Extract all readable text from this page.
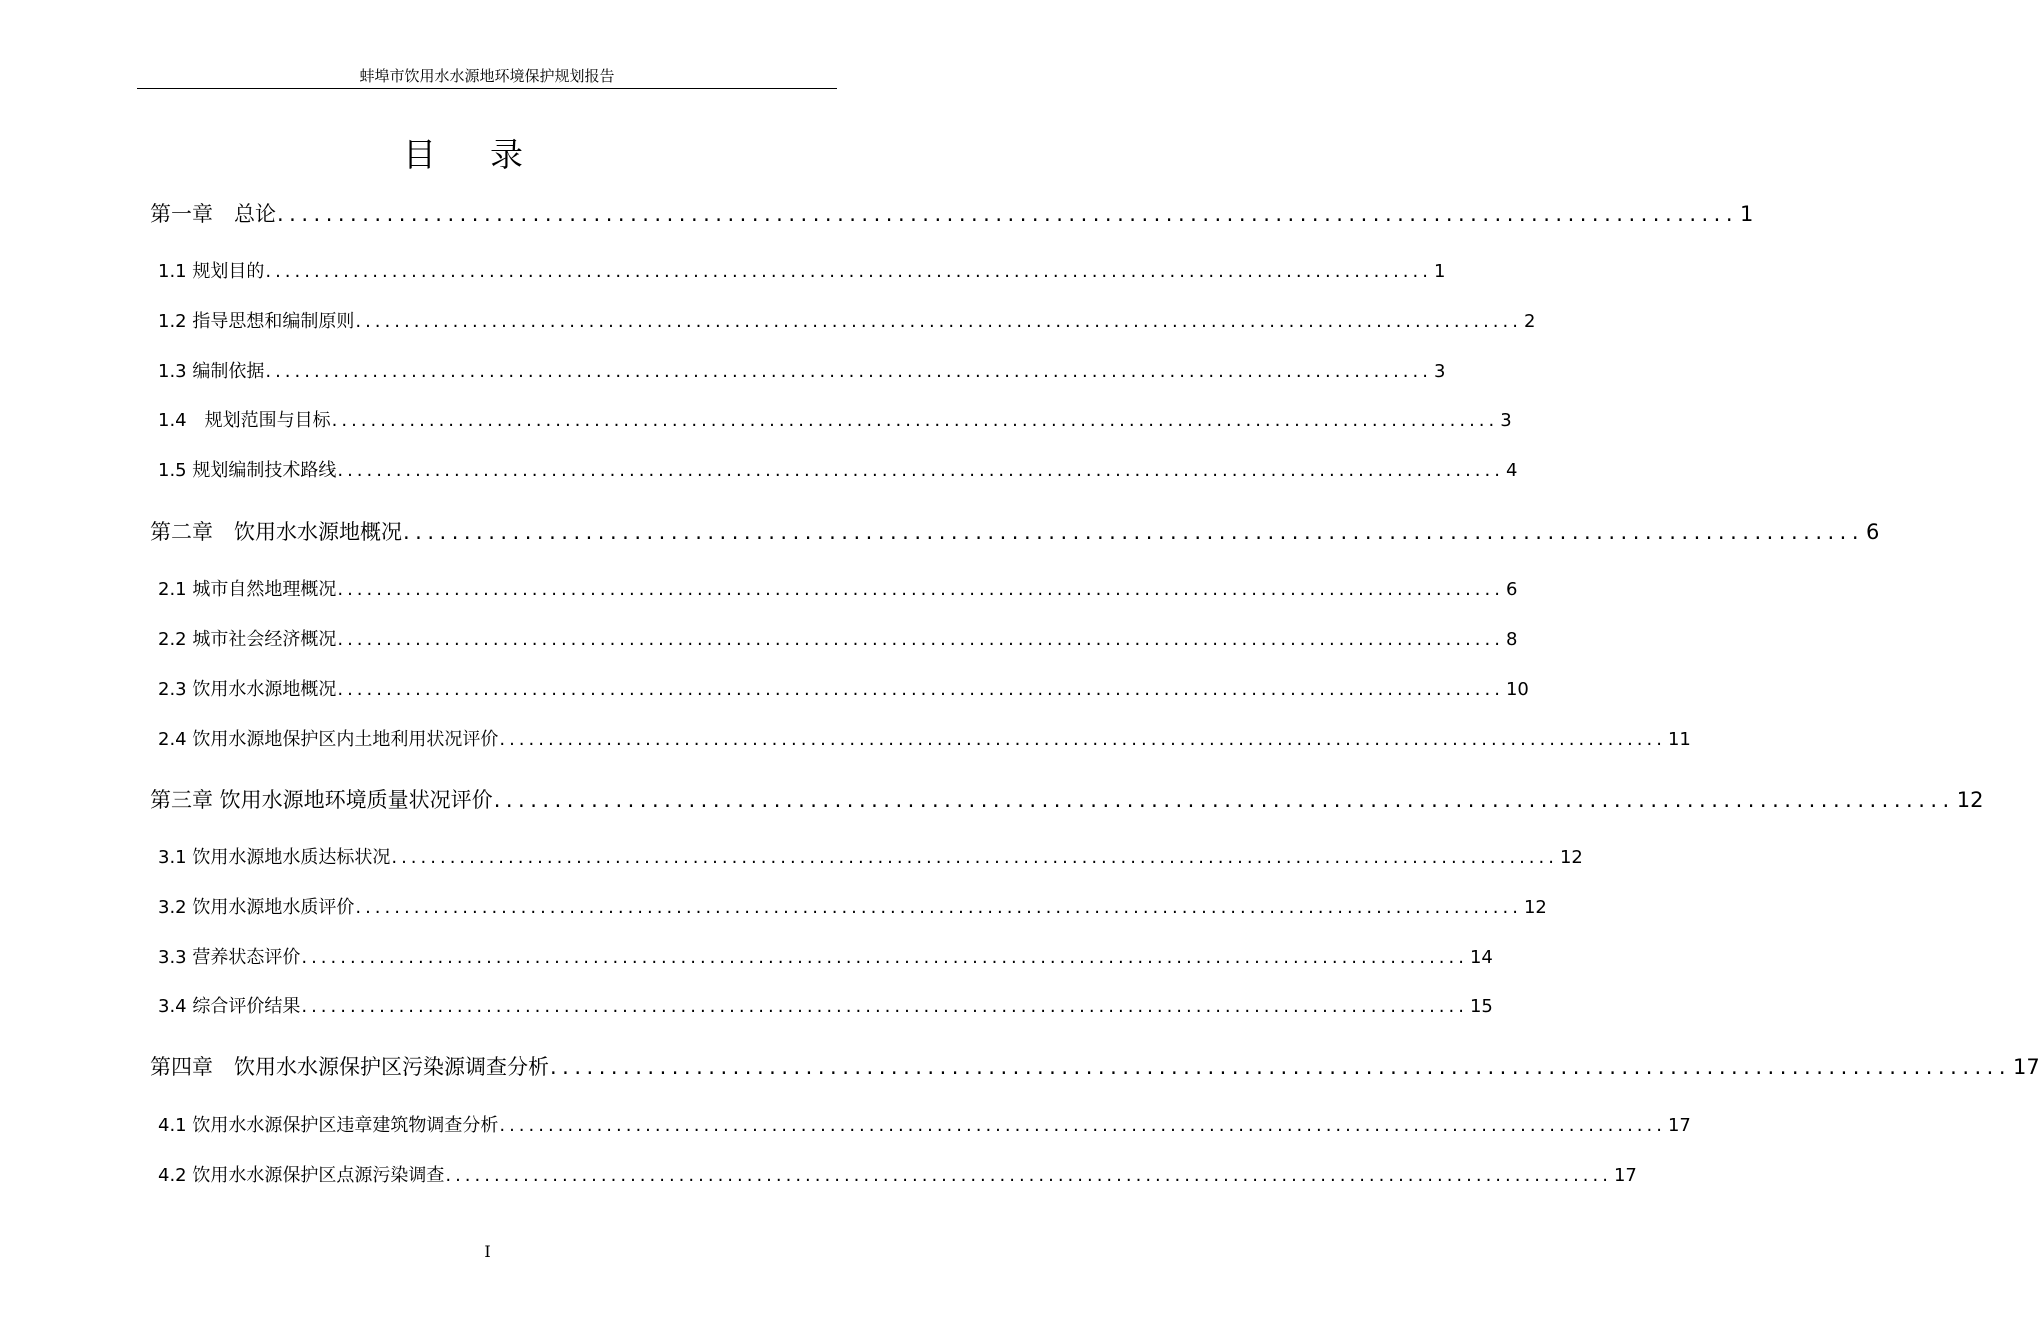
蚌埠市饮用水水源地环境保护规划报告
目录
第一章　总论 ........................................................................................................................ 1
1.1 规划目的 ........................................................................................................................ 1
1.2 指导思想和编制原则 ........................................................................................................................ 2
1.3 编制依据 ........................................................................................................................ 3
1.4　规划范围与目标 ........................................................................................................................ 3
1.5 规划编制技术路线 ........................................................................................................................ 4
第二章　饮用水水源地概况 ........................................................................................................................ 6
2.1 城市自然地理概况 ........................................................................................................................ 6
2.2 城市社会经济概况 ........................................................................................................................ 8
2.3 饮用水水源地概况 ........................................................................................................................ 10
2.4 饮用水源地保护区内土地利用状况评价 ........................................................................................................................ 11
第三章 饮用水源地环境质量状况评价 ........................................................................................................................ 12
3.1 饮用水源地水质达标状况 ........................................................................................................................ 12
3.2 饮用水源地水质评价 ........................................................................................................................ 12
3.3 营养状态评价 ........................................................................................................................ 14
3.4 综合评价结果 ........................................................................................................................ 15
第四章　饮用水水源保护区污染源调查分析 ........................................................................................................................ 17
4.1 饮用水水源保护区违章建筑物调查分析 ........................................................................................................................ 17
4.2 饮用水水源保护区点源污染调查 ........................................................................................................................ 17
I
